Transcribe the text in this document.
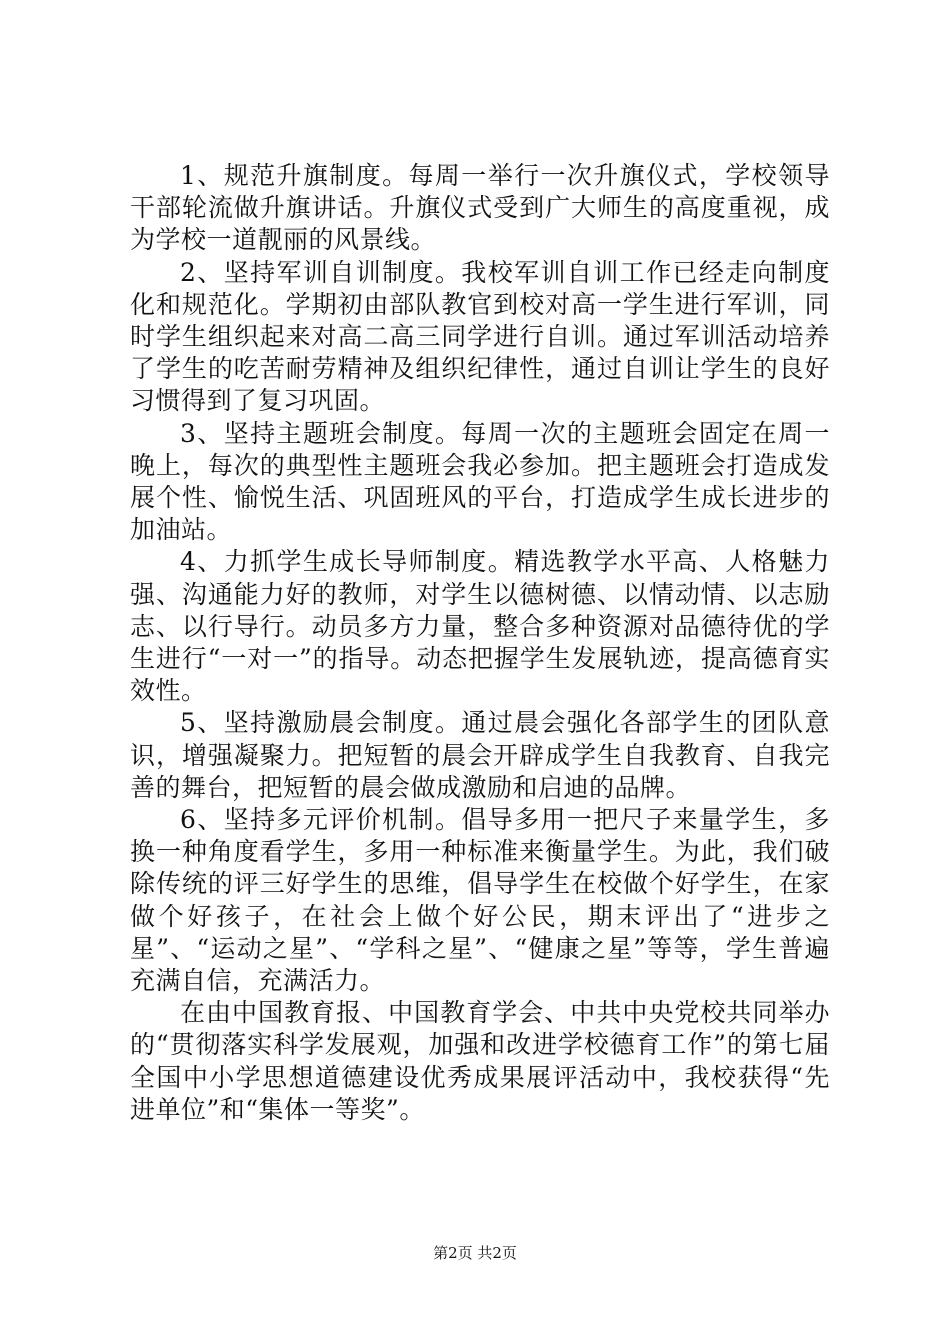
1、规范升旗制度。每周一举行一次升旗仪式，学校领导干部轮流做升旗讲话。升旗仪式受到广大师生的高度重视，成为学校一道靓丽的风景线。

2、坚持军训自训制度。我校军训自训工作已经走向制度化和规范化。学期初由部队教官到校对高一学生进行军训，同时学生组织起来对高二高三同学进行自训。通过军训活动培养了学生的吃苦耐劳精神及组织纪律性，通过自训让学生的良好习惯得到了复习巩固。

3、坚持主题班会制度。每周一次的主题班会固定在周一晚上，每次的典型性主题班会我必参加。把主题班会打造成发展个性、愉悦生活、巩固班风的平台，打造成学生成长进步的加油站。

4、力抓学生成长导师制度。精选教学水平高、人格魅力强、沟通能力好的教师，对学生以德树德、以情动情、以志励志、以行导行。动员多方力量，整合多种资源对品德待优的学生进行“一对一”的指导。动态把握学生发展轨迹，提高德育实效性。

5、坚持激励晨会制度。通过晨会强化各部学生的团队意识，增强凝聚力。把短暂的晨会开辟成学生自我教育、自我完善的舞台，把短暂的晨会做成激励和启迪的品牌。

6、坚持多元评价机制。倡导多用一把尺子来量学生，多换一种角度看学生，多用一种标准来衡量学生。为此，我们破除传统的评三好学生的思维，倡导学生在校做个好学生，在家做个好孩子，在社会上做个好公民，期末评出了“进步之星”、“运动之星”、“学科之星”、“健康之星”等等，学生普遍充满自信，充满活力。

在由中国教育报、中国教育学会、中共中央党校共同举办的“贯彻落实科学发展观，加强和改进学校德育工作”的第七届全国中小学思想道德建设优秀成果展评活动中，我校获得“先进单位”和“集体一等奖”。

第2页 共2页
